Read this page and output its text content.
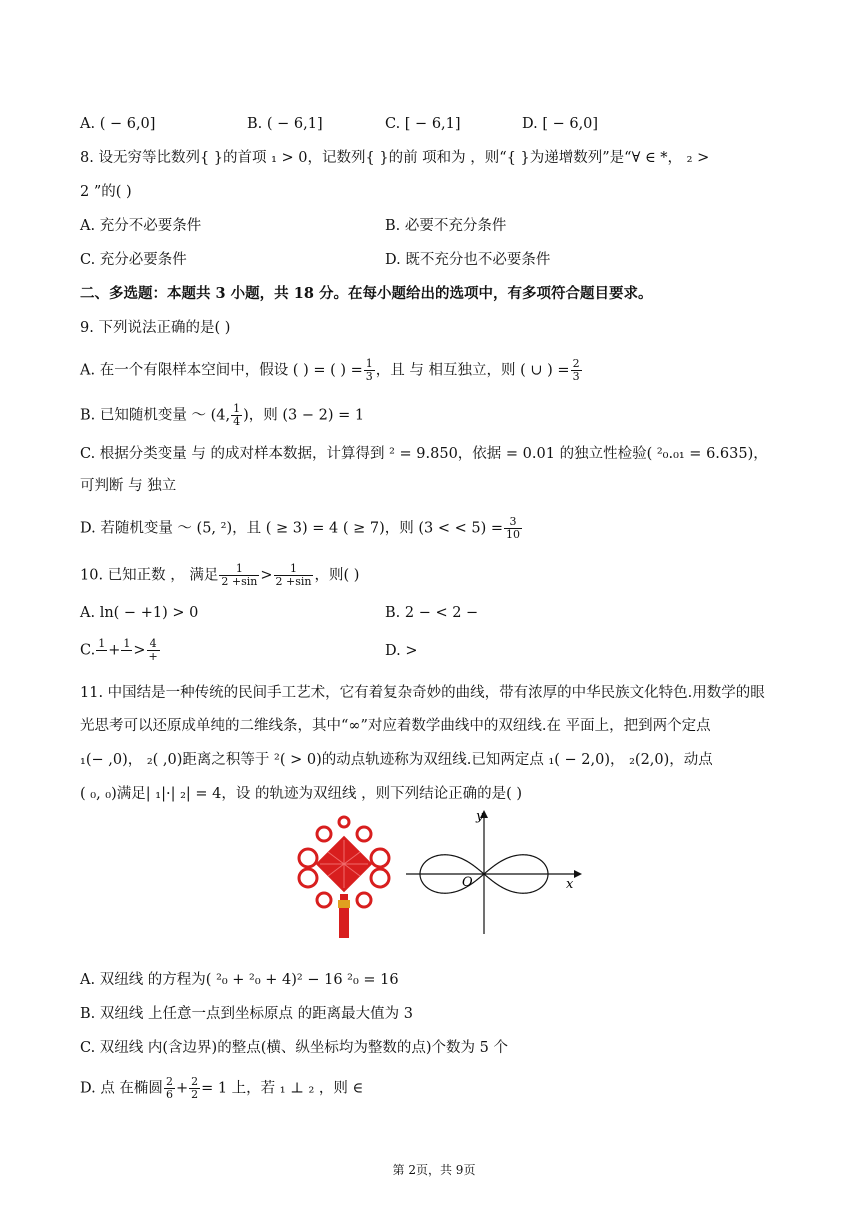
A. ( − 6,0]	B. ( − 6,1]	C. [ − 6,1]	D. [ − 6,0]
8. 设无穷等比数列{ }的首项 ₁ > 0，记数列{ }的前 项和为 ，则“{ }为递增数列”是“∀ ∈ *， ₂ >
2 ”的( )
A. 充分不必要条件	B. 必要不充分条件
C. 充分必要条件	D. 既不充分也不必要条件
二、多选题：本题共 3 小题，共 18 分。在每小题给出的选项中，有多项符合题目要求。
9. 下列说法正确的是( )
A. 在一个有限样本空间中，假设 ( ) = ( ) = $\frac{1}{3}$ ，且 与 相互独立，则 ( ∪ ) = $\frac{2}{3}$
B. 已知随机变量 ～ (4, $\frac{1}{4}$ )，则 (3 − 2) = 1
C. 根据分类变量 与 的成对样本数据，计算得到 ² = 9.850，依据 = 0.01 的独立性检验( ²₀.₀₁ = 6.635)，
可判断 与 独立
D. 若随机变量 ～ (5, ²)，且 ( ≥ 3) = 4 ( ≥ 7)，则 (3 < < $5) = \frac{3}{10}$
10. 已知正数 ， 满足 $\frac{1}{2 +\sin} > \frac{1}{2 +\sin}$ ，则( )
A. ln( − +1) > 0	B. 2 − < 2 −
C. $1 + 1 > \frac{4}{+}$	D. >
11. 中国结是一种传统的民间手工艺术，它有着复杂奇妙的曲线，带有浓厚的中华民族文化特色.用数学的眼
光思考可以还原成单纯的二维线条，其中“∞”对应着数学曲线中的双纽线.在 平面上，把到两个定点
₁(− ,0)， ₂( ,0)距离之积等于 ²( > 0)的动点轨迹称为双纽线.已知两定点 ₁( − 2,0)， ₂(2,0)，动点
( ₀, ₀)满足| ₁|·| ₂| = 4，设 的轨迹为双纽线 ，则下列结论正确的是( )
y
O	x
A. 双纽线 的方程为( ²₀ + ²₀ + 4)² − 16 ²₀ = 16
B. 双纽线 上任意一点到坐标原点 的距离最大值为 3
C. 双纽线 内(含边界)的整点(横、纵坐标均为整数的点)个数为 5 个
D. 点 在椭圆 $\frac{2}{6} + \frac{2}{2} = 1$ 上，若 ₁ ⊥ ₂ ，则 ∈
第 2页，共 9页
